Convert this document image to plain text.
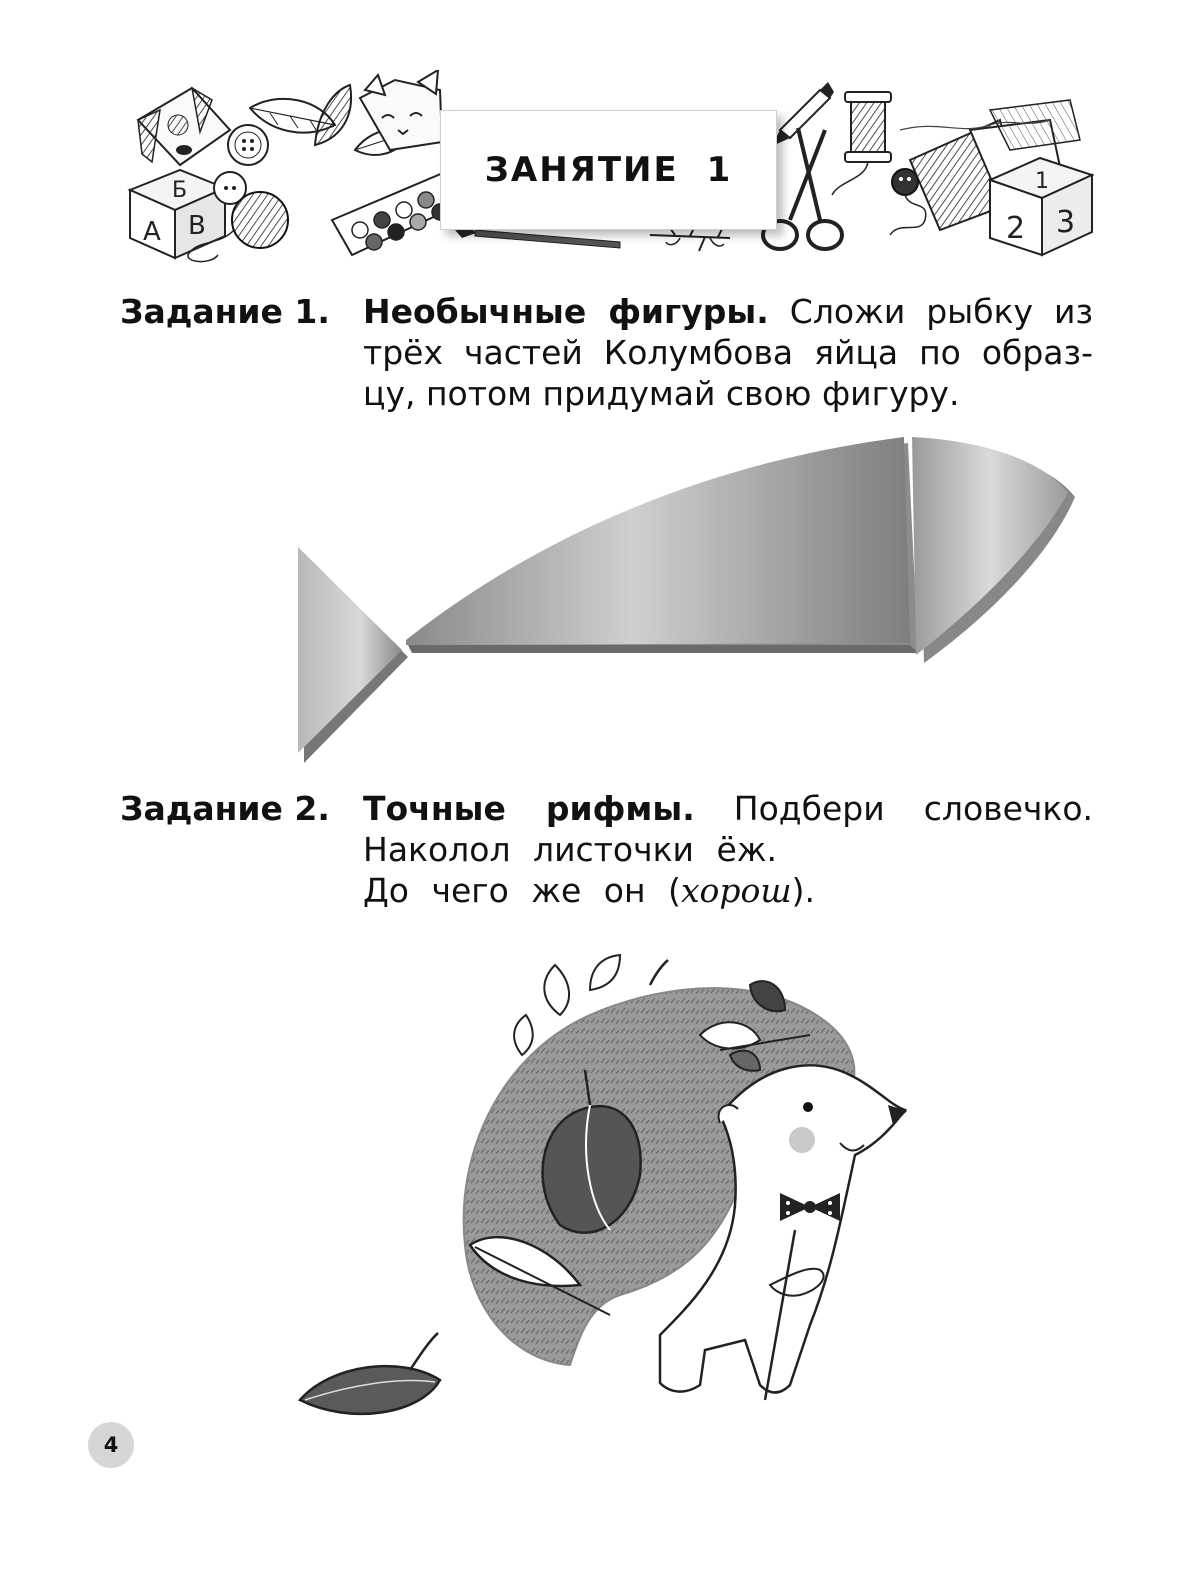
Б
А В
1
2 3
ЗАНЯТИЕ 1
Задание 1. Необычные фигуры. Сложи рыбку из

трёх частей Колумбова яйца по образ-

цу, потом придумай свою фигуру.

Задание 2. Точные рифмы. Подбери словечко.

Наколол листочки ёж.

До чего же он (хорош).

4
